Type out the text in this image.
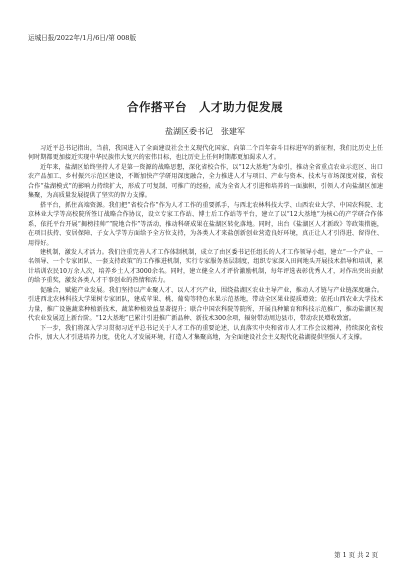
运城日报/2022年/1月/6日/第 008版
合作搭平台　人才助力促发展
盐湖区委书记　张建军

习近平总书记指出，当前，我国进入了全面建设社会主义现代化国家、向第二个百年奋斗目标进军的新征程，我们比历史上任何时期都更加接近实现中华民族伟大复兴的宏伟目标，也比历史上任何时期都更加渴求人才。

近年来，盐湖区始终坚持人才是第一资源的战略思想，深化省校合作，以“12大基地”为牵引，推动全省重点农业示范区、出口农产品加工、乡村振兴示范区建设，不断加快产学研用深度融合，全力推进人才与项目、产业与资本、技术与市场深度对接，省校合作“盐湖模式”的影响力持续扩大，形成了可复制、可推广的经验，成为全省人才引进和培养的一面旗帜，引领人才向盐湖区加速集聚，为高质量发展提供了坚实的智力支撑。

搭平台，抓住高端资源。我们把“省校合作”作为人才工作的重要抓手，与西北农林科技大学、山西农业大学、中国农科院、北京林业大学等高校院所签订战略合作协议，设立专家工作站、博士后工作站等平台，建立了以“12大基地”为核心的产学研合作体系，依托平台开展“揭榜挂帅”“院地合作”等活动，推动科研成果在盐湖区转化落地。同时，出台《盐湖区人才新政》等政策措施，在项目扶持、安居保障、子女入学等方面给予全方位支持，为各类人才来盐创新创业营造良好环境，真正让人才引得进、留得住、用得好。

建机制，激发人才活力。我们注重完善人才工作体制机制，成立了由区委书记任组长的人才工作领导小组，建立“一个产业、一名领导、一个专家团队、一套支持政策”的工作推进机制，实行专家服务基层制度，组织专家深入田间地头开展技术指导和培训，累计培训农民10万余人次，培养乡土人才3000余名。同时，建立健全人才评价激励机制，每年评选表彰优秀人才，对作出突出贡献的给予重奖，激发各类人才干事创业的热情和活力。

促融合，赋能产业发展。我们坚持以产业聚人才、以人才兴产业，围绕盐湖区农业主导产业，推动人才链与产业链深度融合。引进西北农林科技大学果树专家团队，建成苹果、桃、葡萄等特色水果示范基地，带动全区果业提质增效；依托山西农业大学技术力量，推广设施蔬菜种植新技术，蔬菜种植效益显著提升；联合中国农科院等院所，开展良种繁育和科技示范推广，推动盐湖区现代农业发展迈上新台阶。“12大基地”已累计引进推广新品种、新技术300余项，辐射带动周边县市，带动农民增收致富。

下一步，我们将深入学习贯彻习近平总书记关于人才工作的重要论述，认真落实中央和省市人才工作会议精神，持续深化省校合作，加大人才引进培养力度，优化人才发展环境，打造人才集聚高地，为全面建设社会主义现代化盐湖提供坚强人才支撑。

第 1 页 共 2 页
